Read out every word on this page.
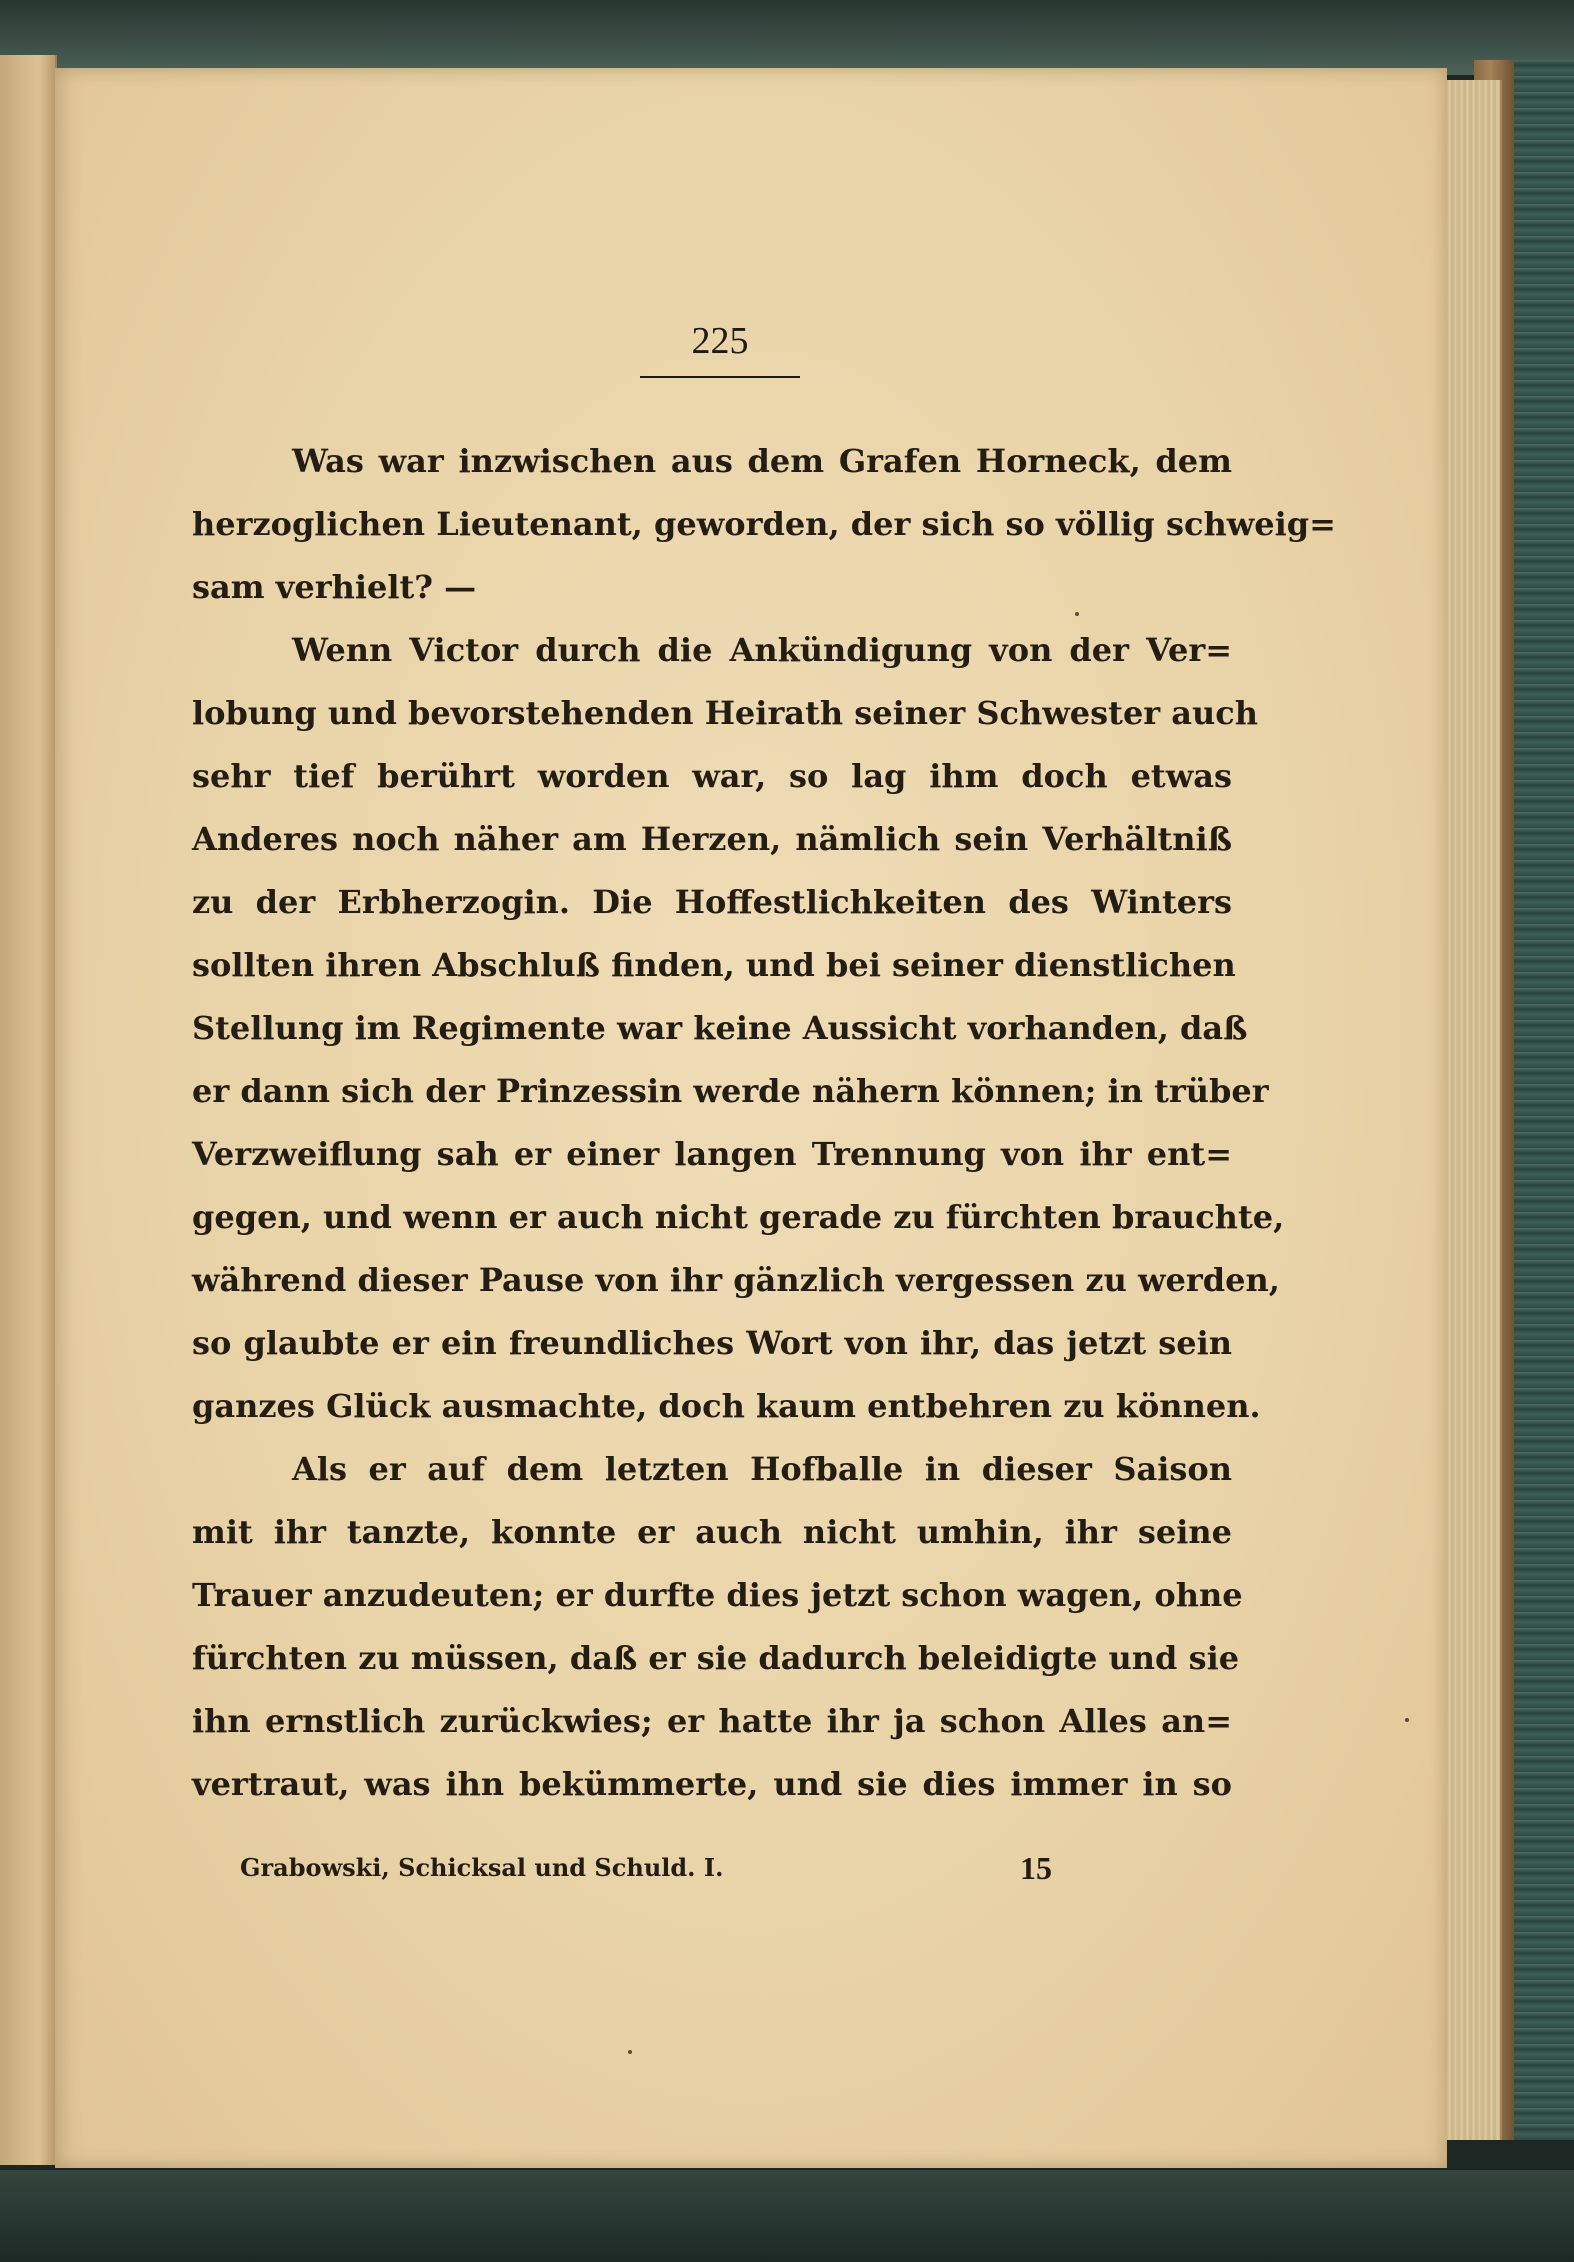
225
Was war inzwischen aus dem Grafen Horneck, dem
herzoglichen Lieutenant, geworden, der sich so völlig schweig=
sam verhielt? —
Wenn Victor durch die Ankündigung von der Ver=
lobung und bevorstehenden Heirath seiner Schwester auch
sehr tief berührt worden war, so lag ihm doch etwas
Anderes noch näher am Herzen, nämlich sein Verhältniß
zu der Erbherzogin. Die Hoffestlichkeiten des Winters
sollten ihren Abschluß finden, und bei seiner dienstlichen
Stellung im Regimente war keine Aussicht vorhanden, daß
er dann sich der Prinzessin werde nähern können; in trüber
Verzweiflung sah er einer langen Trennung von ihr ent=
gegen, und wenn er auch nicht gerade zu fürchten brauchte,
während dieser Pause von ihr gänzlich vergessen zu werden,
so glaubte er ein freundliches Wort von ihr, das jetzt sein
ganzes Glück ausmachte, doch kaum entbehren zu können.
Als er auf dem letzten Hofballe in dieser Saison
mit ihr tanzte, konnte er auch nicht umhin, ihr seine
Trauer anzudeuten; er durfte dies jetzt schon wagen, ohne
fürchten zu müssen, daß er sie dadurch beleidigte und sie
ihn ernstlich zurückwies; er hatte ihr ja schon Alles an=
vertraut, was ihn bekümmerte, und sie dies immer in so
Grabowski, Schicksal und Schuld. I.	15
